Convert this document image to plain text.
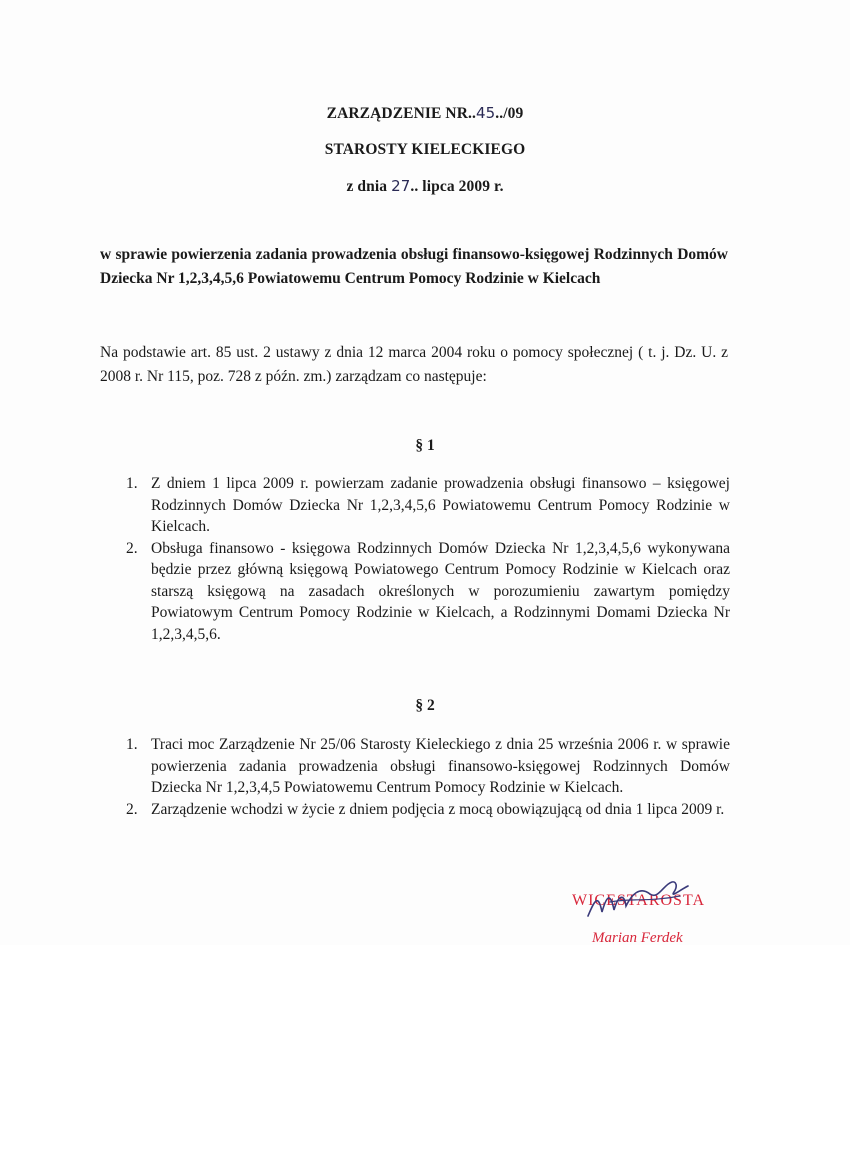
ZARZĄDZENIE NR..45../09
STAROSTY KIELECKIEGO
z dnia 27.. lipca 2009 r.
w sprawie powierzenia zadania prowadzenia obsługi finansowo-księgowej Rodzinnych Domów Dziecka Nr 1,2,3,4,5,6 Powiatowemu Centrum Pomocy Rodzinie w Kielcach
Na podstawie art. 85 ust. 2 ustawy z dnia 12 marca 2004 roku o pomocy społecznej ( t. j. Dz. U. z 2008 r. Nr 115, poz. 728 z późn. zm.) zarządzam co następuje:
§ 1
1. Z dniem 1 lipca 2009 r. powierzam zadanie prowadzenia obsługi finansowo – księgowej Rodzinnych Domów Dziecka Nr 1,2,3,4,5,6 Powiatowemu Centrum Pomocy Rodzinie w Kielcach.
2. Obsługa finansowo - księgowa Rodzinnych Domów Dziecka Nr 1,2,3,4,5,6 wykonywana będzie przez główną księgową Powiatowego Centrum Pomocy Rodzinie w Kielcach oraz starszą księgową na zasadach określonych w porozumieniu zawartym pomiędzy Powiatowym Centrum Pomocy Rodzinie w Kielcach, a Rodzinnymi Domami Dziecka Nr 1,2,3,4,5,6.
§ 2
1. Traci moc Zarządzenie Nr 25/06 Starosty Kieleckiego z dnia 25 września 2006 r. w sprawie powierzenia zadania prowadzenia obsługi finansowo-księgowej Rodzinnych Domów Dziecka Nr 1,2,3,4,5 Powiatowemu Centrum Pomocy Rodzinie w Kielcach.
2. Zarządzenie wchodzi w życie z dniem podjęcia z mocą obowiązującą od dnia 1 lipca 2009 r.
WICESTAROSTA
Marian Ferdek
